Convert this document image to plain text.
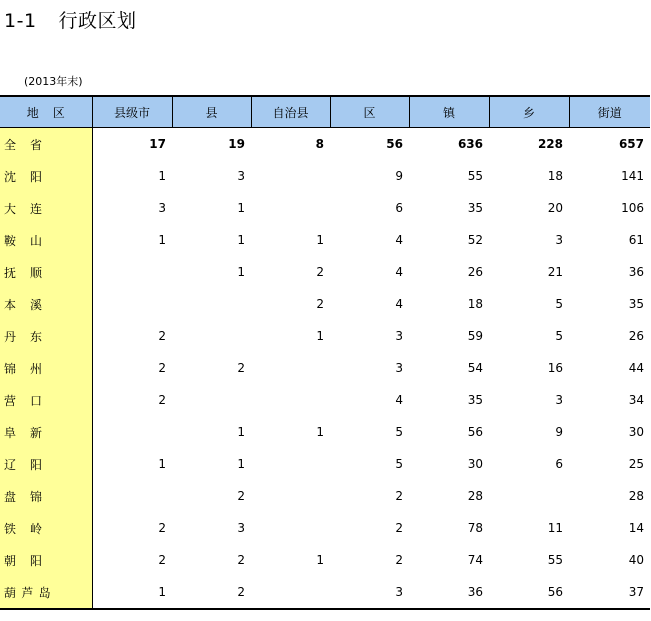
1-1 行政区划
(2013年末)
地区	县级市	县	自治县	区	镇	乡	街道

全 省	17	19	8	56	636	228	657

沈 阳	1	3		9	55	18	141

大 连	3	1		6	35	20	106

鞍 山	1	1	1	4	52	3	61

抚 顺		1	2	4	26	21	36

本 溪			2	4	18	5	35

丹 东	2		1	3	59	5	26

锦 州	2	2		3	54	16	44

营 口	2			4	35	3	34

阜 新		1	1	5	56	9	30

辽 阳	1	1		5	30	6	25

盘 锦		2		2	28		28

铁 岭	2	3		2	78	11	14

朝 阳	2	2	1	2	74	55	40

葫 芦 岛	1	2		3	36	56	37
